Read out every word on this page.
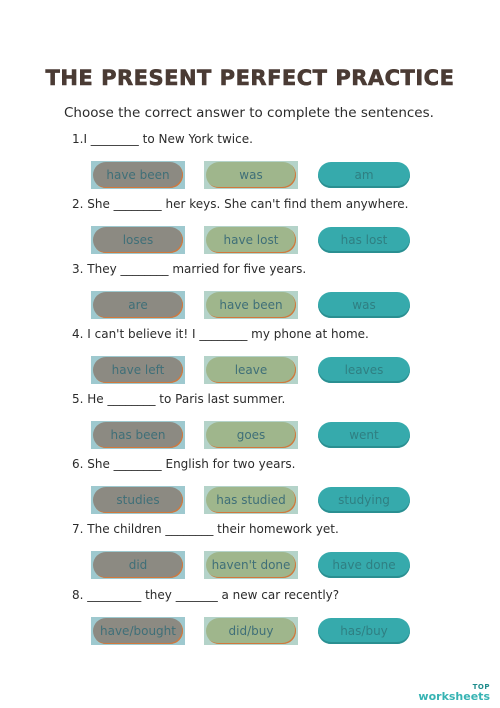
THE PRESENT PERFECT PRACTICE
Choose the correct answer to complete the sentences.
1.I ________ to New York twice.
have been	was	am
2. She ________ her keys. She can't find them anywhere.
loses	have lost	has lost
3. They ________ married for five years.
are	have been	was
4. I can't believe it! I ________ my phone at home.
have left	leave	leaves
5. He ________ to Paris last summer.
has been	goes	went
6. She ________ English for two years.
studies	has studied	studying
7. The children ________ their homework yet.
did	haven't done	have done
8. _________ they _______ a new car recently?
have/bought	did/buy	has/buy
TOP
worksheets
